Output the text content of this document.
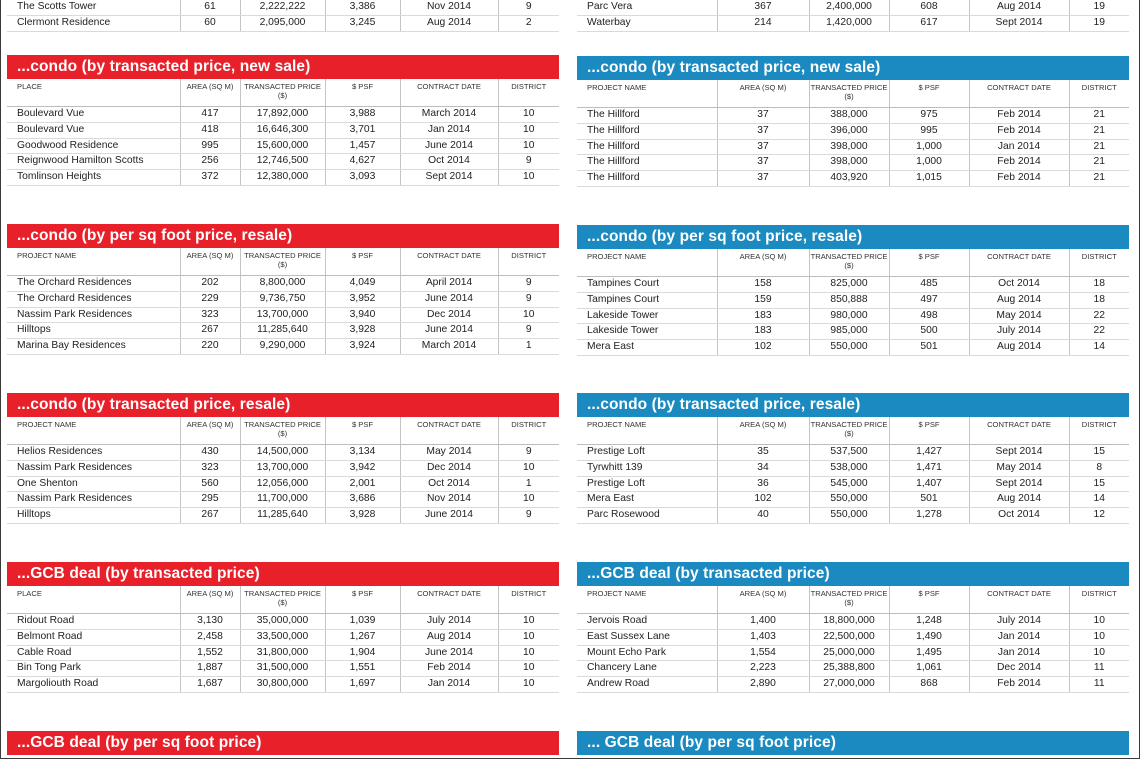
The Scotts Tower	61	2,222,222	3,386	Nov 2014	9
Clermont Residence	60	2,095,000	3,245	Aug 2014	2
...condo (by transacted price, new sale)
PLACE	AREA (SQ M)	TRANSACTED PRICE ($)	$ PSF	CONTRACT DATE	DISTRICT
Boulevard Vue	417	17,892,000	3,988	March 2014	10
Boulevard Vue	418	16,646,300	3,701	Jan 2014	10
Goodwood Residence	995	15,600,000	1,457	June 2014	10
Reignwood Hamilton Scotts	256	12,746,500	4,627	Oct 2014	9
Tomlinson Heights	372	12,380,000	3,093	Sept 2014	10
...condo (by per sq foot price, resale)
PROJECT NAME	AREA (SQ M)	TRANSACTED PRICE ($)	$ PSF	CONTRACT DATE	DISTRICT
The Orchard Residences	202	8,800,000	4,049	April 2014	9
The Orchard Residences	229	9,736,750	3,952	June 2014	9
Nassim Park Residences	323	13,700,000	3,940	Dec 2014	10
Hilltops	267	11,285,640	3,928	June 2014	9
Marina Bay Residences	220	9,290,000	3,924	March 2014	1
...condo (by transacted price, resale)
PROJECT NAME	AREA (SQ M)	TRANSACTED PRICE ($)	$ PSF	CONTRACT DATE	DISTRICT
Helios Residences	430	14,500,000	3,134	May 2014	9
Nassim Park Residences	323	13,700,000	3,942	Dec 2014	10
One Shenton	560	12,056,000	2,001	Oct 2014	1
Nassim Park Residences	295	11,700,000	3,686	Nov 2014	10
Hilltops	267	11,285,640	3,928	June 2014	9
...GCB deal (by transacted price)
PLACE	AREA (SQ M)	TRANSACTED PRICE ($)	$ PSF	CONTRACT DATE	DISTRICT
Ridout Road	3,130	35,000,000	1,039	July 2014	10
Belmont Road	2,458	33,500,000	1,267	Aug 2014	10
Cable Road	1,552	31,800,000	1,904	June 2014	10
Bin Tong Park	1,887	31,500,000	1,551	Feb 2014	10
Margoliouth Road	1,687	30,800,000	1,697	Jan 2014	10
...GCB deal (by per sq foot price)
Parc Vera	367	2,400,000	608	Aug 2014	19
Waterbay	214	1,420,000	617	Sept 2014	19
...condo (by transacted price, new sale)
PROJECT NAME	AREA (SQ M)	TRANSACTED PRICE ($)	$ PSF	CONTRACT DATE	DISTRICT
The Hillford	37	388,000	975	Feb 2014	21
The Hillford	37	396,000	995	Feb 2014	21
The Hillford	37	398,000	1,000	Jan 2014	21
The Hillford	37	398,000	1,000	Feb 2014	21
The Hillford	37	403,920	1,015	Feb 2014	21
...condo (by per sq foot price, resale)
PROJECT NAME	AREA (SQ M)	TRANSACTED PRICE ($)	$ PSF	CONTRACT DATE	DISTRICT
Tampines Court	158	825,000	485	Oct 2014	18
Tampines Court	159	850,888	497	Aug 2014	18
Lakeside Tower	183	980,000	498	May 2014	22
Lakeside Tower	183	985,000	500	July 2014	22
Mera East	102	550,000	501	Aug 2014	14
...condo (by transacted price, resale)
PROJECT NAME	AREA (SQ M)	TRANSACTED PRICE ($)	$ PSF	CONTRACT DATE	DISTRICT
Prestige Loft	35	537,500	1,427	Sept 2014	15
Tyrwhitt 139	34	538,000	1,471	May 2014	8
Prestige Loft	36	545,000	1,407	Sept 2014	15
Mera East	102	550,000	501	Aug 2014	14
Parc Rosewood	40	550,000	1,278	Oct 2014	12
...GCB deal (by transacted price)
PROJECT NAME	AREA (SQ M)	TRANSACTED PRICE ($)	$ PSF	CONTRACT DATE	DISTRICT
Jervois Road	1,400	18,800,000	1,248	July 2014	10
East Sussex Lane	1,403	22,500,000	1,490	Jan 2014	10
Mount Echo Park	1,554	25,000,000	1,495	Jan 2014	10
Chancery Lane	2,223	25,388,800	1,061	Dec 2014	11
Andrew Road	2,890	27,000,000	868	Feb 2014	11
... GCB deal (by per sq foot price)
